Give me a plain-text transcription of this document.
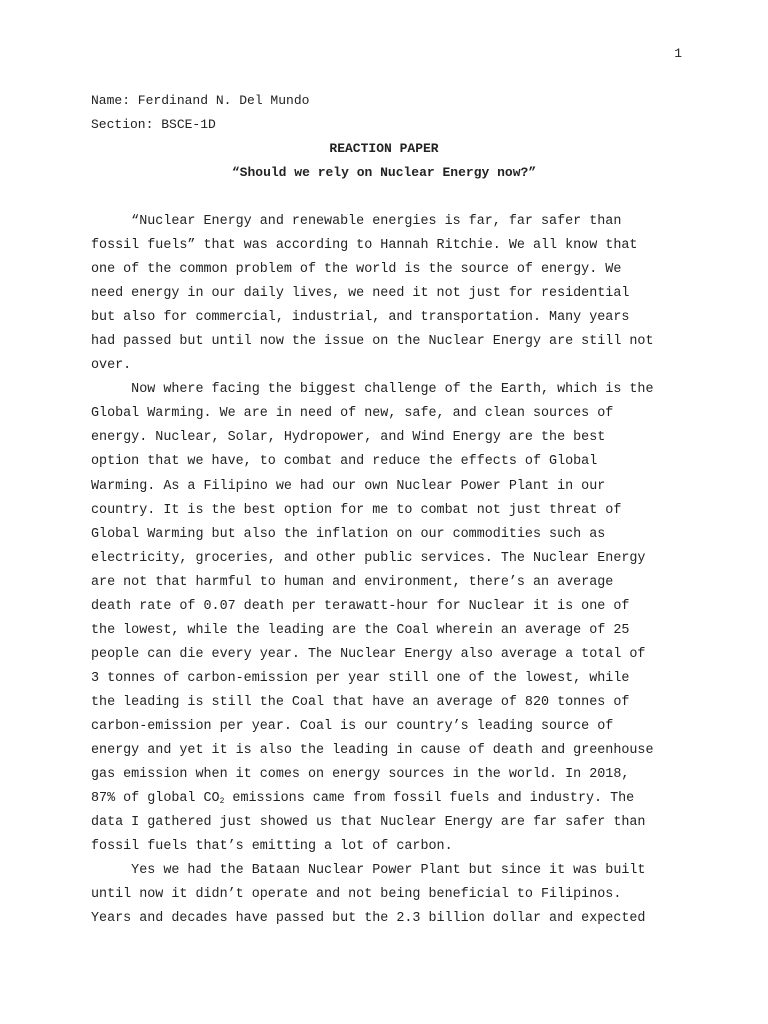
1
Name: Ferdinand N. Del Mundo
Section: BSCE-1D
REACTION PAPER
“Should we rely on Nuclear Energy now?”
“Nuclear Energy and renewable energies is far, far safer than
fossil fuels” that was according to Hannah Ritchie. We all know that
one of the common problem of the world is the source of energy. We
need energy in our daily lives, we need it not just for residential
but also for commercial, industrial, and transportation. Many years
had passed but until now the issue on the Nuclear Energy are still not
over.
Now where facing the biggest challenge of the Earth, which is the
Global Warming. We are in need of new, safe, and clean sources of
energy. Nuclear, Solar, Hydropower, and Wind Energy are the best
option that we have, to combat and reduce the effects of Global
Warming. As a Filipino we had our own Nuclear Power Plant in our
country. It is the best option for me to combat not just threat of
Global Warming but also the inflation on our commodities such as
electricity, groceries, and other public services. The Nuclear Energy
are not that harmful to human and environment, there’s an average
death rate of 0.07 death per terawatt-hour for Nuclear it is one of
the lowest, while the leading are the Coal wherein an average of 25
people can die every year. The Nuclear Energy also average a total of
3 tonnes of carbon-emission per year still one of the lowest, while
the leading is still the Coal that have an average of 820 tonnes of
carbon-emission per year. Coal is our country’s leading source of
energy and yet it is also the leading in cause of death and greenhouse
gas emission when it comes on energy sources in the world. In 2018,
87% of global $CO_2$ emissions came from fossil fuels and industry. The
data I gathered just showed us that Nuclear Energy are far safer than
fossil fuels that’s emitting a lot of carbon.
Yes we had the Bataan Nuclear Power Plant but since it was built
until now it didn’t operate and not being beneficial to Filipinos.
Years and decades have passed but the 2.3 billion dollar and expected
